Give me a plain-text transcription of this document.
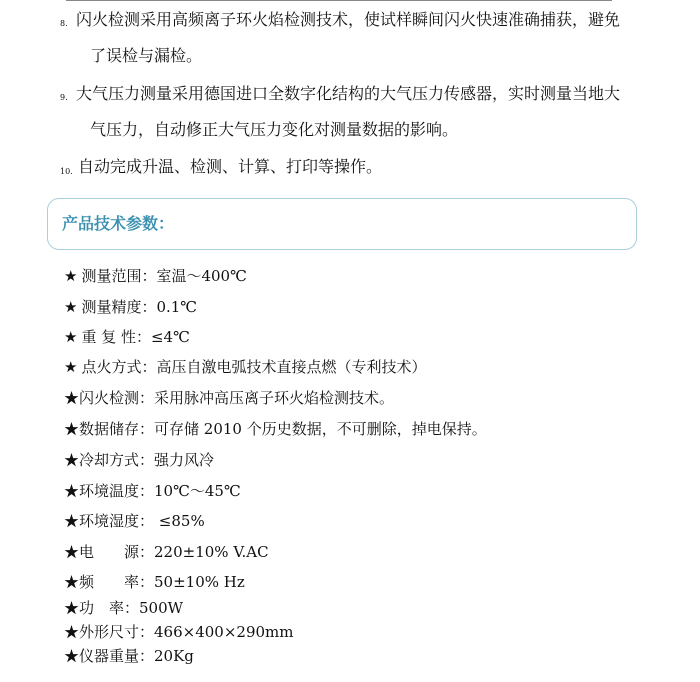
8. 闪火检测采用高频离子环火焰检测技术，使试样瞬间闪火快速准确捕获，避免
了误检与漏检。
9. 大气压力测量采用德国进口全数字化结构的大气压力传感器，实时测量当地大
气压力，自动修正大气压力变化对测量数据的影响。
10. 自动完成升温、检测、计算、打印等操作。
产品技术参数：
★ 测量范围：室温～400℃
★ 测量精度：0.1℃
★ 重 复 性：≤4℃
★ 点火方式：高压自激电弧技术直接点燃（专利技术）
★闪火检测：采用脉冲高压离子环火焰检测技术。
★数据储存：可存储 2010 个历史数据，不可删除，掉电保持。
★冷却方式：强力风冷
★环境温度：10℃～45℃
★环境湿度： ≤85%
★电　　源：220±10% V.AC
★频　　率：50±10% Hz
★功　率：500W
★外形尺寸：466×400×290mm
★仪器重量：20Kg
